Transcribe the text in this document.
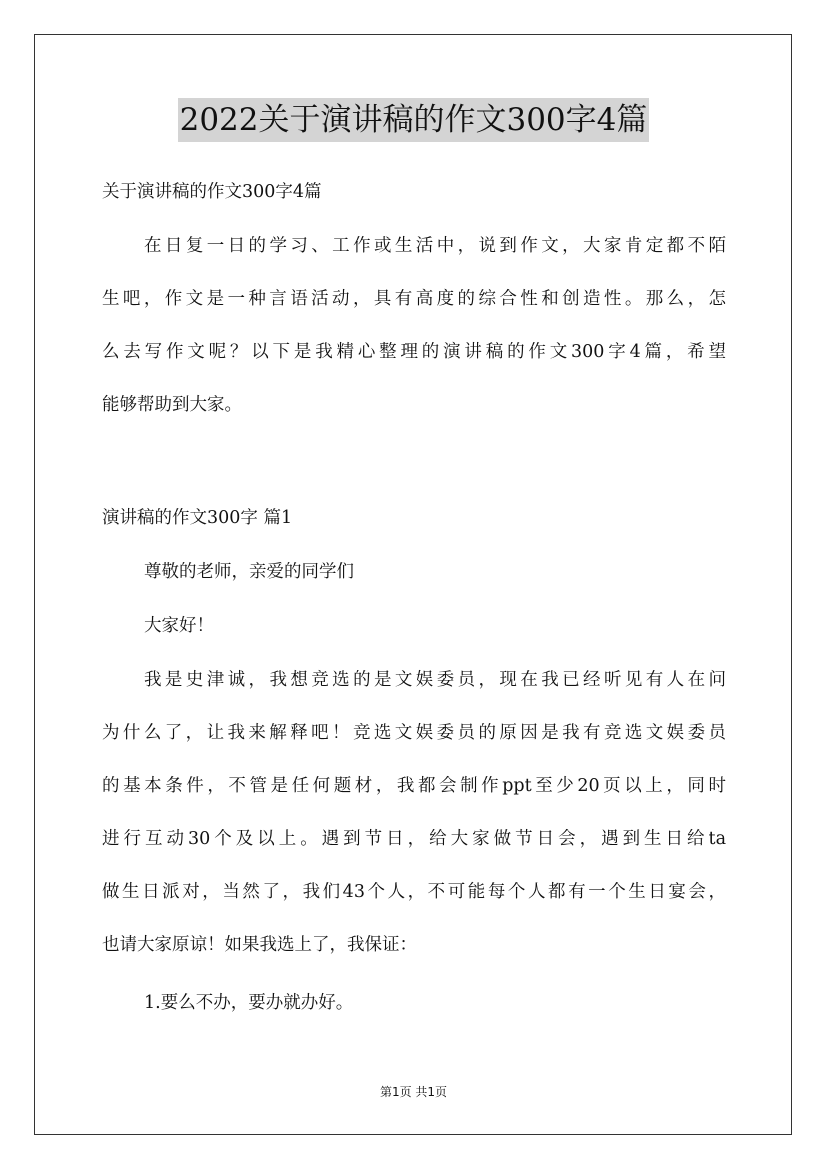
2022关于演讲稿的作文300字4篇
关于演讲稿的作文300字4篇
在日复一日的学习、工作或生活中，说到作文，大家肯定都不陌
生吧，作文是一种言语活动，具有高度的综合性和创造性。那么，怎
么去写作文呢？以下是我精心整理的演讲稿的作文300字4篇，希望
能够帮助到大家。
演讲稿的作文300字 篇1
尊敬的老师，亲爱的同学们
大家好！
我是史津诚，我想竞选的是文娱委员，现在我已经听见有人在问
为什么了，让我来解释吧！竞选文娱委员的原因是我有竞选文娱委员
的基本条件，不管是任何题材，我都会制作ppt至少20页以上，同时
进行互动30个及以上。遇到节日，给大家做节日会，遇到生日给ta
做生日派对，当然了，我们43个人，不可能每个人都有一个生日宴会，
也请大家原谅！如果我选上了，我保证：
1.要么不办，要办就办好。
第1页 共1页
